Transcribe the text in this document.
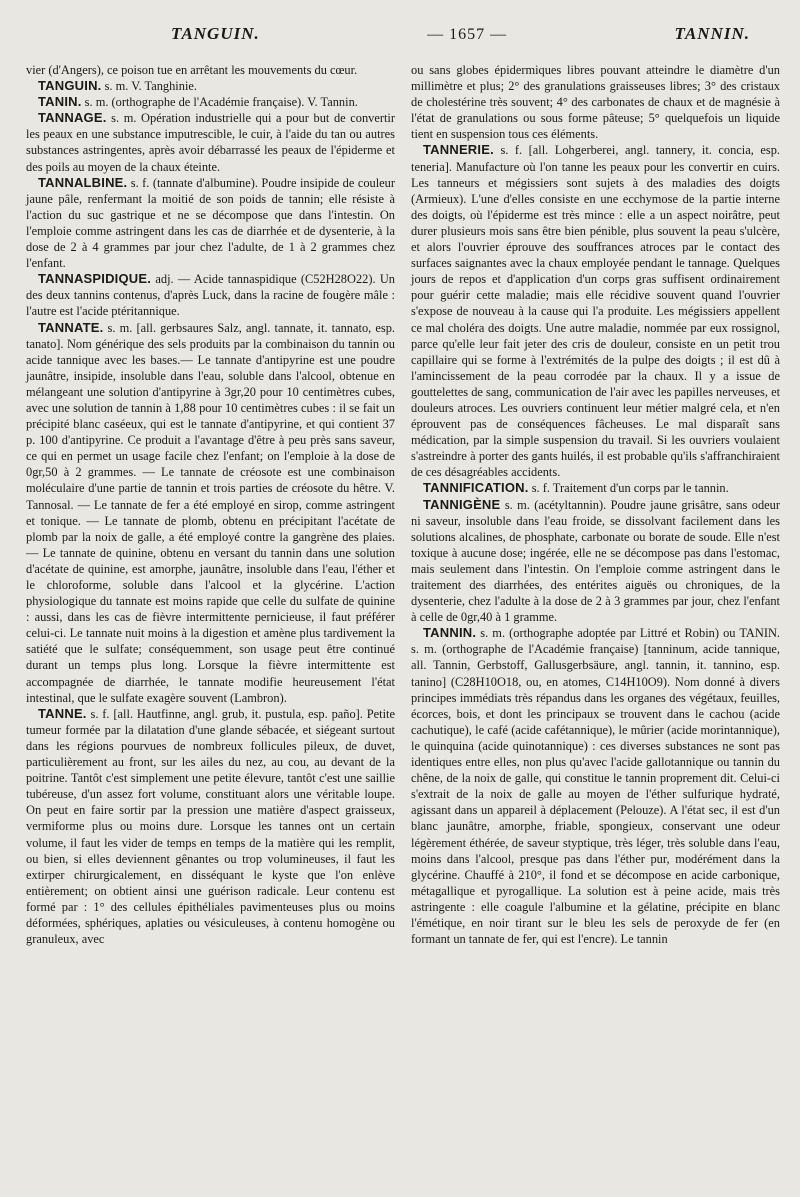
TANGUIN.	— 1657 —	TANNIN.

vier (d'Angers), ce poison tue en arrêtant les mouvements du cœur.

TANGUIN. s. m. V. Tanghinie.

TANIN. s. m. (orthographe de l'Académie française). V. Tannin.

TANNAGE. s. m. Opération industrielle qui a pour but de convertir les peaux en une substance imputrescible, le cuir, à l'aide du tan ou autres substances astringentes, après avoir débarrassé les peaux de l'épiderme et des poils au moyen de la chaux éteinte.

TANNALBINE. s. f. (tannate d'albumine). Poudre insipide de couleur jaune pâle, renfermant la moitié de son poids de tannin; elle résiste à l'action du suc gastrique et ne se décompose que dans l'intestin. On l'emploie comme astringent dans les cas de diarrhée et de dysenterie, à la dose de 2 à 4 grammes par jour chez l'adulte, de 1 à 2 grammes chez l'enfant.

TANNASPIDIQUE. adj. — Acide tannaspidique (C52H28O22). Un des deux tannins contenus, d'après Luck, dans la racine de fougère mâle : l'autre est l'acide ptéritannique.

TANNATE. s. m. [all. gerbsaures Salz, angl. tannate, it. tannato, esp. tanato]. Nom générique des sels produits par la combinaison du tannin ou acide tannique avec les bases.— Le tannate d'antipyrine est une poudre jaunâtre, insipide, insoluble dans l'eau, soluble dans l'alcool, obtenue en mélangeant une solution d'antipyrine à 3gr,20 pour 10 centimètres cubes, avec une solution de tannin à 1,88 pour 10 centimètres cubes : il se fait un précipité blanc caséeux, qui est le tannate d'antipyrine, et qui contient 37 p. 100 d'antipyrine. Ce produit a l'avantage d'être à peu près sans saveur, ce qui en permet un usage facile chez l'enfant; on l'emploie à la dose de 0gr,50 à 2 grammes. — Le tannate de créosote est une combinaison moléculaire d'une partie de tannin et trois parties de créosote du hêtre. V. Tannosal. — Le tannate de fer a été employé en sirop, comme astringent et tonique. — Le tannate de plomb, obtenu en précipitant l'acétate de plomb par la noix de galle, a été employé contre la gangrène des plaies. — Le tannate de quinine, obtenu en versant du tannin dans une solution d'acétate de quinine, est amorphe, jaunâtre, insoluble dans l'eau, l'éther et le chloroforme, soluble dans l'alcool et la glycérine. L'action physiologique du tannate est moins rapide que celle du sulfate de quinine : aussi, dans les cas de fièvre intermittente pernicieuse, il faut préférer celui-ci. Le tannate nuit moins à la digestion et amène plus tardivement la satiété que le sulfate; conséquemment, son usage peut être continué durant un temps plus long. Lorsque la fièvre intermittente est accompagnée de diarrhée, le tannate modifie heureusement l'état intestinal, que le sulfate exagère souvent (Lambron).

TANNE. s. f. [all. Hautfinne, angl. grub, it. pustula, esp. paño]. Petite tumeur formée par la dilatation d'une glande sébacée, et siégeant surtout dans les régions pourvues de nombreux follicules pileux, de duvet, particulièrement au front, sur les ailes du nez, au cou, au devant de la poitrine. Tantôt c'est simplement une petite élevure, tantôt c'est une saillie tubéreuse, d'un assez fort volume, constituant alors une véritable loupe. On peut en faire sortir par la pression une matière d'aspect graisseux, vermiforme plus ou moins dure. Lorsque les tannes ont un certain volume, il faut les vider de temps en temps de la matière qui les remplit, ou bien, si elles deviennent gênantes ou trop volumineuses, il faut les extirper chirurgicalement, en disséquant le kyste que l'on enlève entièrement; on obtient ainsi une guérison radicale. Leur contenu est formé par : 1° des cellules épithéliales pavimenteuses plus ou moins déformées, sphériques, aplaties ou vésiculeuses, à contenu homogène ou granuleux, avec

ou sans globes épidermiques libres pouvant atteindre le diamètre d'un millimètre et plus; 2° des granulations graisseuses libres; 3° des cristaux de cholestérine très souvent; 4° des carbonates de chaux et de magnésie à l'état de granulations ou sous forme pâteuse; 5° quelquefois un liquide tient en suspension tous ces éléments.

TANNERIE. s. f. [all. Lohgerberei, angl. tannery, it. concia, esp. teneria]. Manufacture où l'on tanne les peaux pour les convertir en cuirs. Les tanneurs et mégissiers sont sujets à des maladies des doigts (Armieux). L'une d'elles consiste en une ecchymose de la partie interne des doigts, où l'épiderme est très mince : elle a un aspect noirâtre, peut durer plusieurs mois sans être bien pénible, plus souvent la peau s'ulcère, et alors l'ouvrier éprouve des souffrances atroces par le contact des surfaces saignantes avec la chaux employée pendant le tannage. Quelques jours de repos et d'application d'un corps gras suffisent ordinairement pour guérir cette maladie; mais elle récidive souvent quand l'ouvrier s'expose de nouveau à la cause qui l'a produite. Les mégissiers appellent ce mal choléra des doigts. Une autre maladie, nommée par eux rossignol, parce qu'elle leur fait jeter des cris de douleur, consiste en un petit trou capillaire qui se forme à l'extrémités de la pulpe des doigts ; il est dû à l'amincissement de la peau corrodée par la chaux. Il y a issue de gouttelettes de sang, communication de l'air avec les papilles nerveuses, et douleurs atroces. Les ouvriers continuent leur métier malgré cela, et n'en éprouvent pas de conséquences fâcheuses. Le mal disparaît sans médication, par la simple suspension du travail. Si les ouvriers voulaient s'astreindre à porter des gants huilés, il est probable qu'ils s'affranchiraient de ces désagréables accidents.

TANNIFICATION. s. f. Traitement d'un corps par le tannin.

TANNIGÈNE s. m. (acétyltannin). Poudre jaune grisâtre, sans odeur ni saveur, insoluble dans l'eau froide, se dissolvant facilement dans les solutions alcalines, de phosphate, carbonate ou borate de soude. Elle n'est toxique à aucune dose; ingérée, elle ne se décompose pas dans l'estomac, mais seulement dans l'intestin. On l'emploie comme astringent dans le traitement des diarrhées, des entérites aiguës ou chroniques, de la dysenterie, chez l'adulte à la dose de 2 à 3 grammes par jour, chez l'enfant à celle de 0gr,40 à 1 gramme.

TANNIN. s. m. (orthographe adoptée par Littré et Robin) ou TANIN. s. m. (orthographe de l'Académie française) [tanninum, acide tannique, all. Tannin, Gerbstoff, Gallusgerbsäure, angl. tannin, it. tannino, esp. tanino] (C28H10O18, ou, en atomes, C14H10O9). Nom donné à divers principes immédiats très répandus dans les organes des végétaux, feuilles, écorces, bois, et dont les principaux se trouvent dans le cachou (acide cachutique), le café (acide cafétannique), le mûrier (acide morintannique), le quinquina (acide quinotannique) : ces diverses substances ne sont pas identiques entre elles, non plus qu'avec l'acide gallotannique ou tannin du chêne, de la noix de galle, qui constitue le tannin proprement dit. Celui-ci s'extrait de la noix de galle au moyen de l'éther sulfurique hydraté, agissant dans un appareil à déplacement (Pelouze). A l'état sec, il est d'un blanc jaunâtre, amorphe, friable, spongieux, conservant une odeur légèrement éthérée, de saveur styptique, très léger, très soluble dans l'eau, moins dans l'alcool, presque pas dans l'éther pur, modérément dans la glycérine. Chauffé à 210°, il fond et se décompose en acide carbonique, métagallique et pyrogallique. La solution est à peine acide, mais très astringente : elle coagule l'albumine et la gélatine, précipite en blanc l'émétique, en noir tirant sur le bleu les sels de peroxyde de fer (en formant un tannate de fer, qui est l'encre). Le tannin
